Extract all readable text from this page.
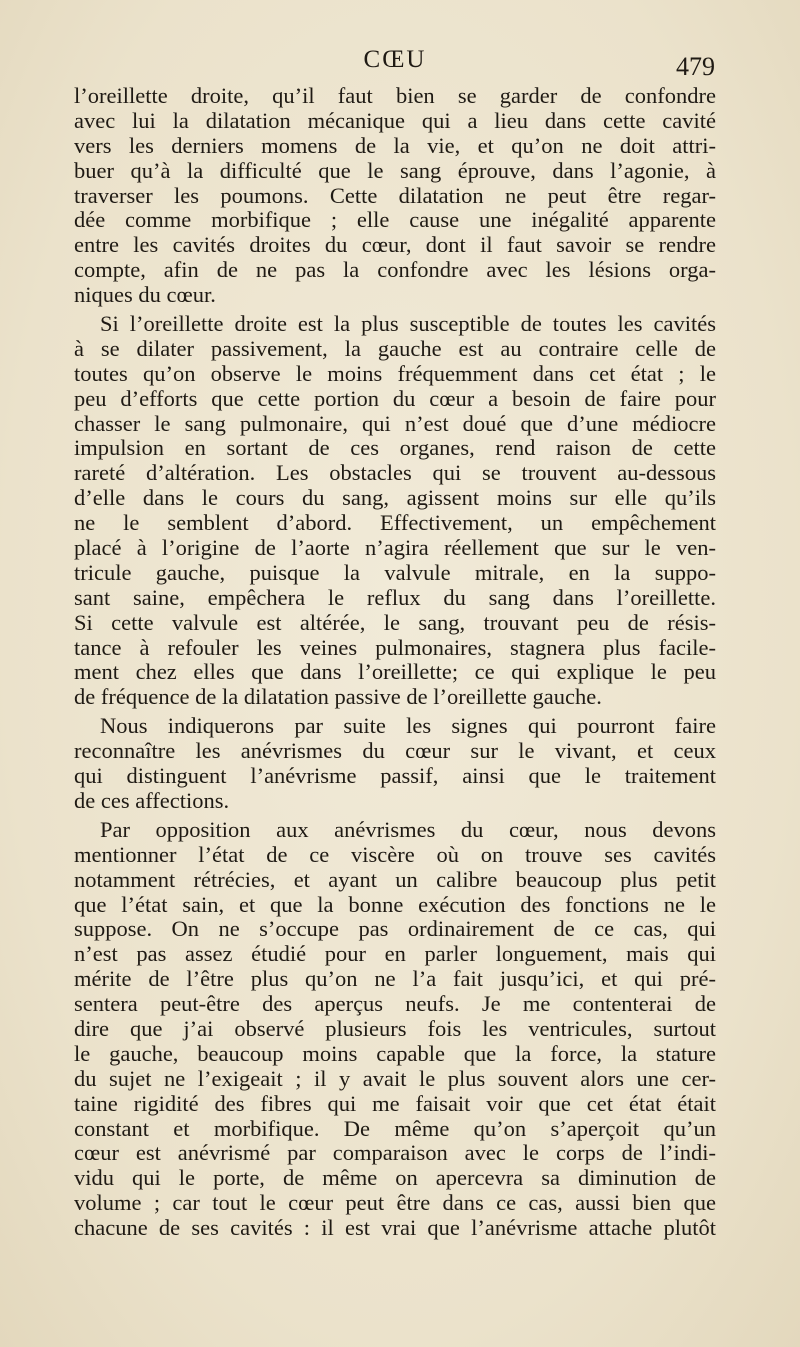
CŒU	479
l’oreillette droite, qu’il faut bien se garder de confondre
avec lui la dilatation mécanique qui a lieu dans cette cavité
vers les derniers momens de la vie, et qu’on ne doit attri-
buer qu’à la difficulté que le sang éprouve, dans l’agonie, à
traverser les poumons. Cette dilatation ne peut être regar-
dée comme morbifique ; elle cause une inégalité apparente
entre les cavités droites du cœur, dont il faut savoir se rendre
compte, afin de ne pas la confondre avec les lésions orga-
niques du cœur.
Si l’oreillette droite est la plus susceptible de toutes les cavités
à se dilater passivement, la gauche est au contraire celle de
toutes qu’on observe le moins fréquemment dans cet état ; le
peu d’efforts que cette portion du cœur a besoin de faire pour
chasser le sang pulmonaire, qui n’est doué que d’une médiocre
impulsion en sortant de ces organes, rend raison de cette
rareté d’altération. Les obstacles qui se trouvent au-dessous
d’elle dans le cours du sang, agissent moins sur elle qu’ils
ne le semblent d’abord. Effectivement, un empêchement
placé à l’origine de l’aorte n’agira réellement que sur le ven-
tricule gauche, puisque la valvule mitrale, en la suppo-
sant saine, empêchera le reflux du sang dans l’oreillette.
Si cette valvule est altérée, le sang, trouvant peu de résis-
tance à refouler les veines pulmonaires, stagnera plus facile-
ment chez elles que dans l’oreillette; ce qui explique le peu
de fréquence de la dilatation passive de l’oreillette gauche.
Nous indiquerons par suite les signes qui pourront faire
reconnaître les anévrismes du cœur sur le vivant, et ceux
qui distinguent l’anévrisme passif, ainsi que le traitement
de ces affections.
Par opposition aux anévrismes du cœur, nous devons
mentionner l’état de ce viscère où on trouve ses cavités
notamment rétrécies, et ayant un calibre beaucoup plus petit
que l’état sain, et que la bonne exécution des fonctions ne le
suppose. On ne s’occupe pas ordinairement de ce cas, qui
n’est pas assez étudié pour en parler longuement, mais qui
mérite de l’être plus qu’on ne l’a fait jusqu’ici, et qui pré-
sentera peut-être des aperçus neufs. Je me contenterai de
dire que j’ai observé plusieurs fois les ventricules, surtout
le gauche, beaucoup moins capable que la force, la stature
du sujet ne l’exigeait ; il y avait le plus souvent alors une cer-
taine rigidité des fibres qui me faisait voir que cet état était
constant et morbifique. De même qu’on s’aperçoit qu’un
cœur est anévrismé par comparaison avec le corps de l’indi-
vidu qui le porte, de même on apercevra sa diminution de
volume ; car tout le cœur peut être dans ce cas, aussi bien que
chacune de ses cavités : il est vrai que l’anévrisme attache plutôt
